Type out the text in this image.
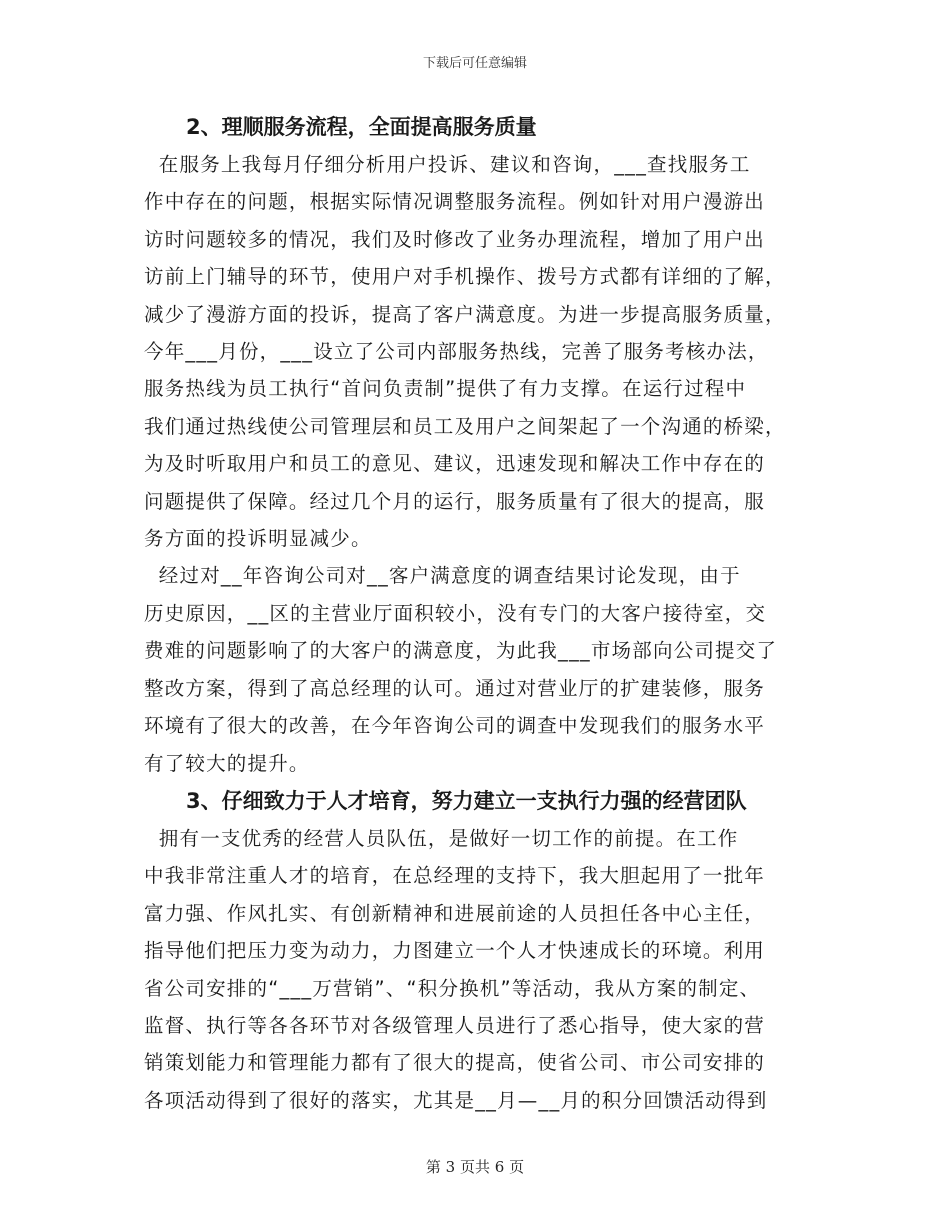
下载后可任意编辑
2、理顺服务流程，全面提高服务质量

在服务上我每月仔细分析用户投诉、建议和咨询，___查找服务工
作中存在的问题，根据实际情况调整服务流程。例如针对用户漫游出
访时问题较多的情况，我们及时修改了业务办理流程，增加了用户出
访前上门辅导的环节，使用户对手机操作、拨号方式都有详细的了解，
减少了漫游方面的投诉，提高了客户满意度。为进一步提高服务质量，
今年___月份，___设立了公司内部服务热线，完善了服务考核办法，
服务热线为员工执行“首问负责制”提供了有力支撑。在运行过程中
我们通过热线使公司管理层和员工及用户之间架起了一个沟通的桥梁，
为及时听取用户和员工的意见、建议，迅速发现和解决工作中存在的
问题提供了保障。经过几个月的运行，服务质量有了很大的提高，服
务方面的投诉明显减少。

经过对__年咨询公司对__客户满意度的调查结果讨论发现，由于
历史原因，__区的主营业厅面积较小，没有专门的大客户接待室，交
费难的问题影响了的大客户的满意度，为此我___市场部向公司提交了
整改方案，得到了高总经理的认可。通过对营业厅的扩建装修，服务
环境有了很大的改善，在今年咨询公司的调查中发现我们的服务水平
有了较大的提升。

3、仔细致力于人才培育，努力建立一支执行力强的经营团队

拥有一支优秀的经营人员队伍，是做好一切工作的前提。在工作
中我非常注重人才的培育，在总经理的支持下，我大胆起用了一批年
富力强、作风扎实、有创新精神和进展前途的人员担任各中心主任，
指导他们把压力变为动力，力图建立一个人才快速成长的环境。利用
省公司安排的“___万营销”、“积分换机”等活动，我从方案的制定、
监督、执行等各各环节对各级管理人员进行了悉心指导，使大家的营
销策划能力和管理能力都有了很大的提高，使省公司、市公司安排的
各项活动得到了很好的落实，尤其是__月—__月的积分回馈活动得到

第 3 页共 6 页
